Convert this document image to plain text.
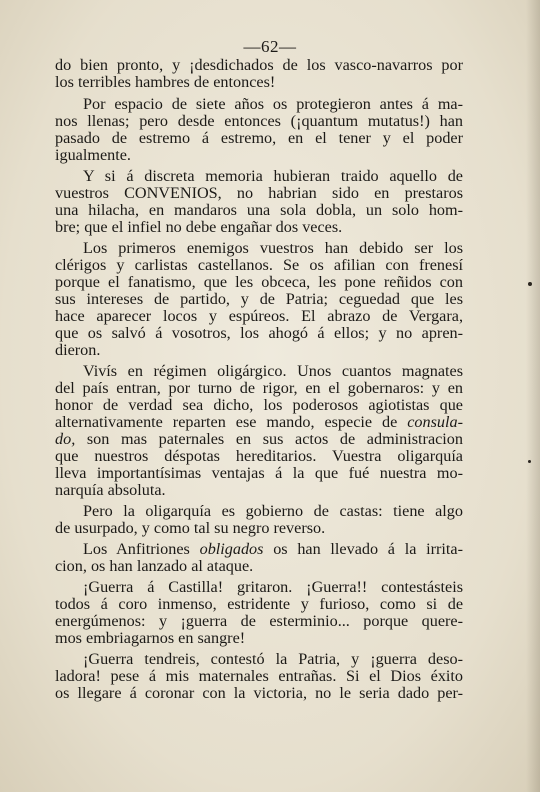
—62—
do bien pronto, y ¡desdichados de los vasco-navarros por
los terribles hambres de entonces!
Por espacio de siete años os protegieron antes á ma-
nos llenas; pero desde entonces (¡quantum mutatus!) han
pasado de estremo á estremo, en el tener y el poder
igualmente.
Y si á discreta memoria hubieran traido aquello de
vuestros CONVENIOS, no habrian sido en prestaros
una hilacha, en mandaros una sola dobla, un solo hom-
bre; que el infiel no debe engañar dos veces.
Los primeros enemigos vuestros han debido ser los
clérigos y carlistas castellanos. Se os afilian con frenesí
porque el fanatismo, que les obceca, les pone reñidos con
sus intereses de partido, y de Patria; ceguedad que les
hace aparecer locos y espúreos. El abrazo de Vergara,
que os salvó á vosotros, los ahogó á ellos; y no apren-
dieron.
Vivís en régimen oligárgico. Unos cuantos magnates
del país entran, por turno de rigor, en el gobernaros: y en
honor de verdad sea dicho, los poderosos agiotistas que
alternativamente reparten ese mando, especie de consula-
do, son mas paternales en sus actos de administracion
que nuestros déspotas hereditarios. Vuestra oligarquía
lleva importantísimas ventajas á la que fué nuestra mo-
narquía absoluta.
Pero la oligarquía es gobierno de castas: tiene algo
de usurpado, y como tal su negro reverso.
Los Anfitriones obligados os han llevado á la irrita-
cion, os han lanzado al ataque.
¡Guerra á Castilla! gritaron. ¡Guerra!! contestásteis
todos á coro inmenso, estridente y furioso, como si de
energúmenos: y ¡guerra de esterminio... porque quere-
mos embriagarnos en sangre!
¡Guerra tendreis, contestó la Patria, y ¡guerra deso-
ladora! pese á mis maternales entrañas. Si el Dios éxito
os llegare á coronar con la victoria, no le seria dado per-
